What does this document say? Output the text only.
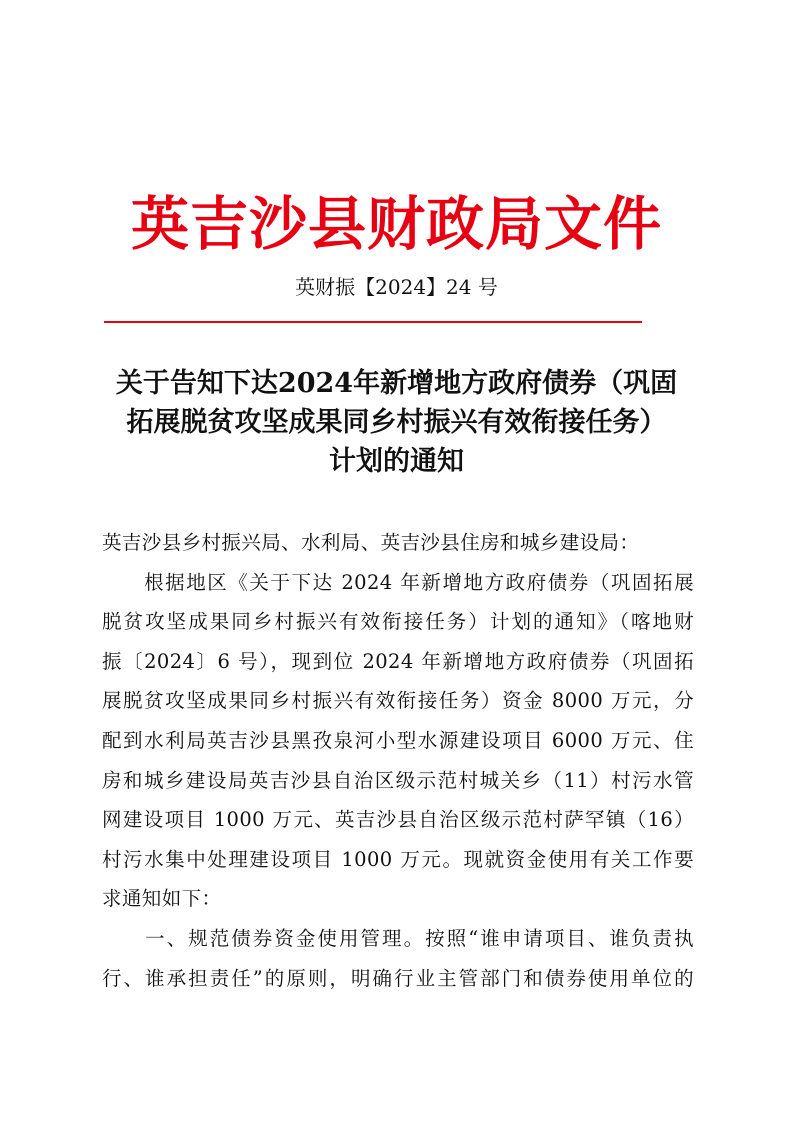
英吉沙县财政局文件
英财振【2024】24 号
关于告知下达2024年新增地方政府债券（巩固
拓展脱贫攻坚成果同乡村振兴有效衔接任务）
计划的通知
英吉沙县乡村振兴局、水利局、英吉沙县住房和城乡建设局：
　　根据地区《关于下达 2024 年新增地方政府债券（巩固拓展
脱贫攻坚成果同乡村振兴有效衔接任务）计划的通知》（喀地财
振〔2024〕6 号），现到位 2024 年新增地方政府债券（巩固拓
展脱贫攻坚成果同乡村振兴有效衔接任务）资金 8000 万元，分
配到水利局英吉沙县黑孜泉河小型水源建设项目 6000 万元、住
房和城乡建设局英吉沙县自治区级示范村城关乡（11）村污水管
网建设项目 1000 万元、英吉沙县自治区级示范村萨罕镇（16）
村污水集中处理建设项目 1000 万元。现就资金使用有关工作要
求通知如下：
　　一、规范债券资金使用管理。按照“谁申请项目、谁负责执
行、谁承担责任”的原则，明确行业主管部门和债券使用单位的
